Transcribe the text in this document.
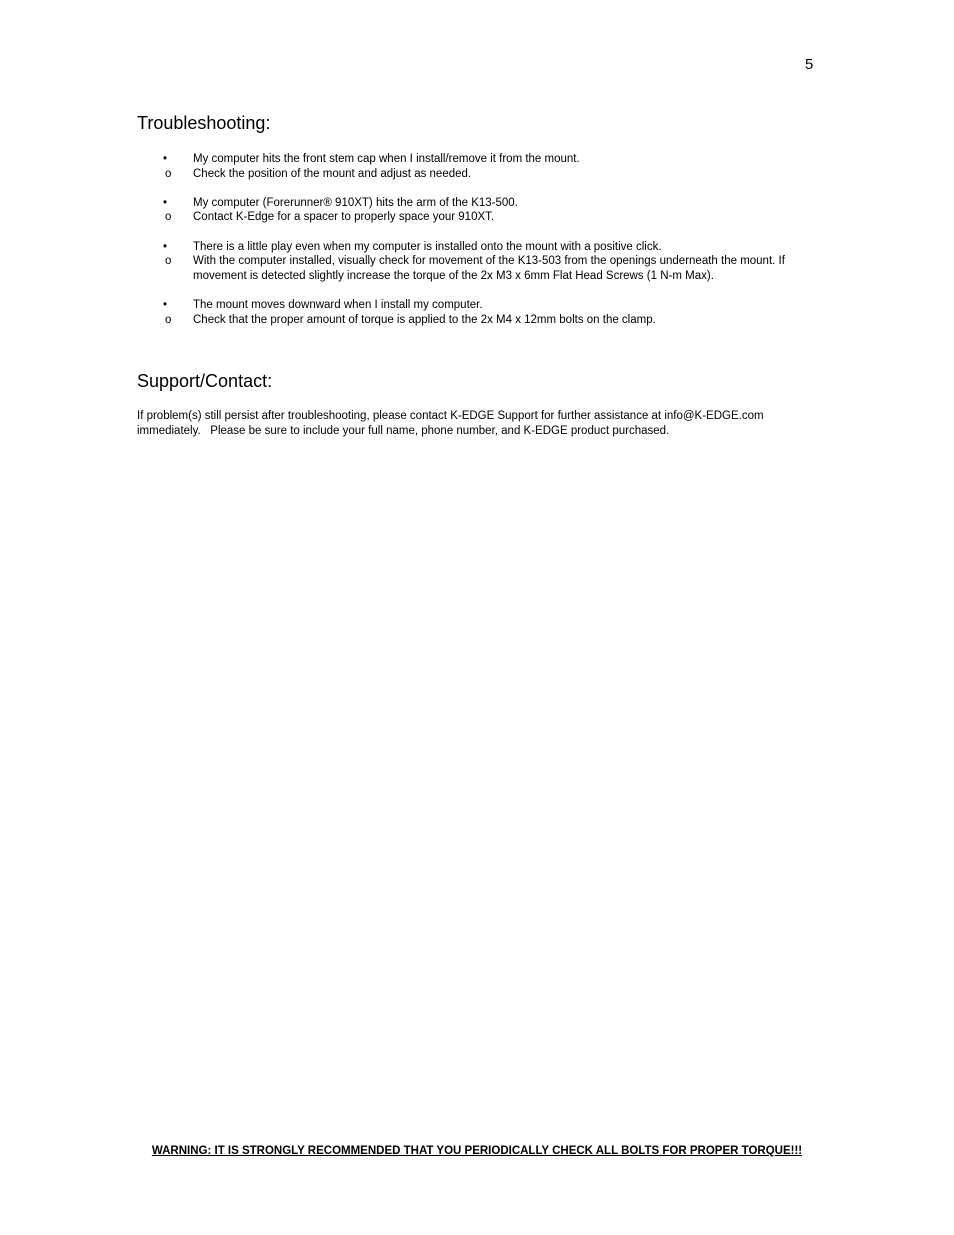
5
Troubleshooting:
• My computer hits the front stem cap when I install/remove it from the mount.
o Check the position of the mount and adjust as needed.
• My computer (Forerunner® 910XT) hits the arm of the K13-500.
o Contact K-Edge for a spacer to properly space your 910XT.
• There is a little play even when my computer is installed onto the mount with a positive click.
o With the computer installed, visually check for movement of the K13-503 from the openings underneath the mount. If movement is detected slightly increase the torque of the 2x M3 x 6mm Flat Head Screws (1 N-m Max).
• The mount moves downward when I install my computer.
o Check that the proper amount of torque is applied to the 2x M4 x 12mm bolts on the clamp.
Support/Contact:
If problem(s) still persist after troubleshooting, please contact K-EDGE Support for further assistance at info@K-EDGE.com immediately.   Please be sure to include your full name, phone number, and K-EDGE product purchased.
WARNING: IT IS STRONGLY RECOMMENDED THAT YOU PERIODICALLY CHECK ALL BOLTS FOR PROPER TORQUE!!!
